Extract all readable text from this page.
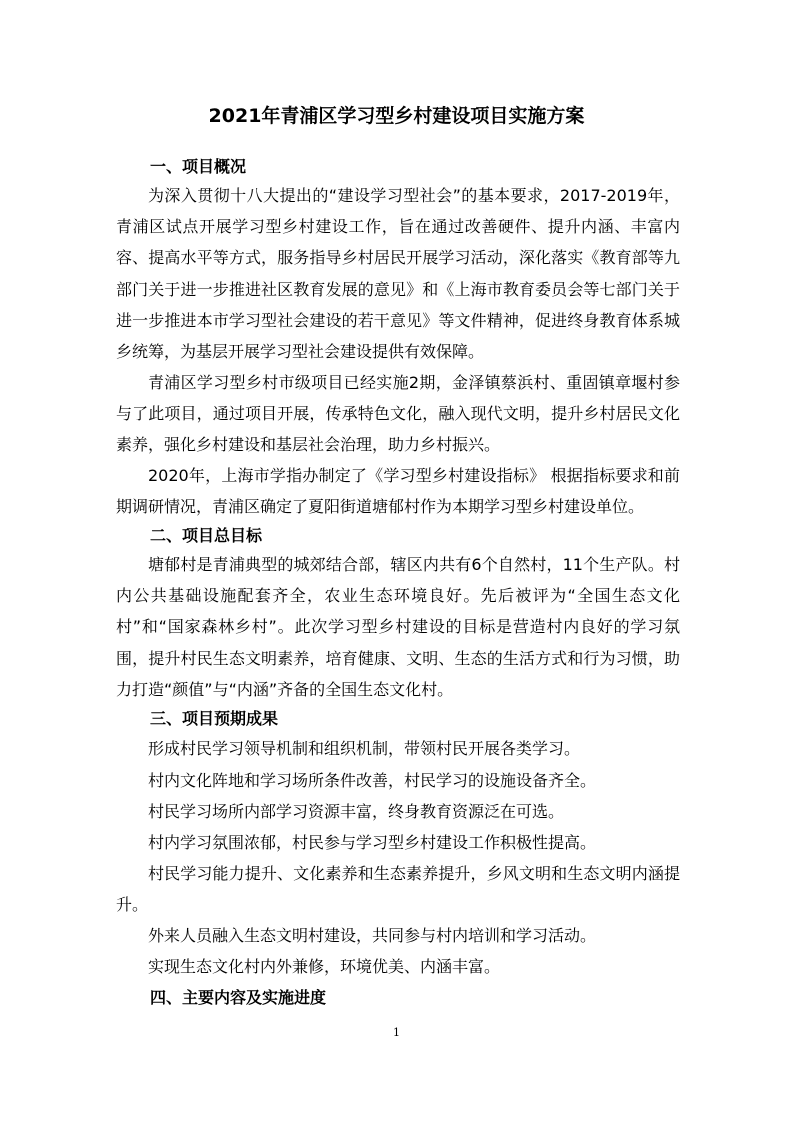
2021年青浦区学习型乡村建设项目实施方案
一、项目概况
为深入贯彻十八大提出的“建设学习型社会”的基本要求，2017-2019年，青浦区试点开展学习型乡村建设工作，旨在通过改善硬件、提升内涵、丰富内容、提高水平等方式，服务指导乡村居民开展学习活动，深化落实《教育部等九部门关于进一步推进社区教育发展的意见》和《上海市教育委员会等七部门关于进一步推进本市学习型社会建设的若干意见》等文件精神，促进终身教育体系城乡统筹，为基层开展学习型社会建设提供有效保障。
青浦区学习型乡村市级项目已经实施2期，金泽镇蔡浜村、重固镇章堰村参与了此项目，通过项目开展，传承特色文化，融入现代文明，提升乡村居民文化素养，强化乡村建设和基层社会治理，助力乡村振兴。
2020年，上海市学指办制定了《学习型乡村建设指标》 根据指标要求和前期调研情况，青浦区确定了夏阳街道塘郁村作为本期学习型乡村建设单位。
二、项目总目标
塘郁村是青浦典型的城郊结合部，辖区内共有6个自然村，11个生产队。村内公共基础设施配套齐全，农业生态环境良好。先后被评为“全国生态文化村”和“国家森林乡村”。此次学习型乡村建设的目标是营造村内良好的学习氛围，提升村民生态文明素养，培育健康、文明、生态的生活方式和行为习惯，助力打造“颜值”与“内涵”齐备的全国生态文化村。
三、项目预期成果
形成村民学习领导机制和组织机制，带领村民开展各类学习。
村内文化阵地和学习场所条件改善，村民学习的设施设备齐全。
村民学习场所内部学习资源丰富，终身教育资源泛在可选。
村内学习氛围浓郁，村民参与学习型乡村建设工作积极性提高。
村民学习能力提升、文化素养和生态素养提升，乡风文明和生态文明内涵提升。
外来人员融入生态文明村建设，共同参与村内培训和学习活动。
实现生态文化村内外兼修，环境优美、内涵丰富。
四、主要内容及实施进度
1
